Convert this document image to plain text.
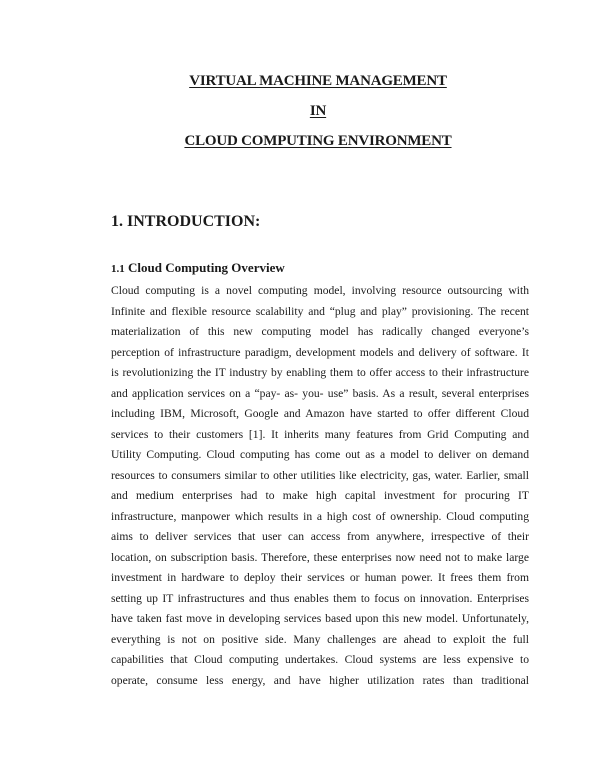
VIRTUAL MACHINE MANAGEMENT
IN
CLOUD COMPUTING ENVIRONMENT
1. INTRODUCTION:
1.1 Cloud Computing Overview
Cloud computing is a novel computing model, involving resource outsourcing with
Infinite and flexible resource scalability and “plug and play” provisioning. The recent
materialization of this new computing model has radically changed everyone’s
perception of infrastructure paradigm, development models and delivery of software. It
is revolutionizing the IT industry by enabling them to offer access to their infrastructure
and application services on a “pay- as- you- use” basis. As a result, several enterprises
including IBM, Microsoft, Google and Amazon have started to offer different Cloud
services to their customers [1]. It inherits many features from Grid Computing and
Utility Computing. Cloud computing has come out as a model to deliver on demand
resources to consumers similar to other utilities like electricity, gas, water. Earlier, small
and medium enterprises had to make high capital investment for procuring IT
infrastructure, manpower which results in a high cost of ownership. Cloud computing
aims to deliver services that user can access from anywhere, irrespective of their
location, on subscription basis. Therefore, these enterprises now need not to make large
investment in hardware to deploy their services or human power. It frees them from
setting up IT infrastructures and thus enables them to focus on innovation. Enterprises
have taken fast move in developing services based upon this new model. Unfortunately,
everything is not on positive side. Many challenges are ahead to exploit the full
capabilities that Cloud computing undertakes. Cloud systems are less expensive to
operate, consume less energy, and have higher utilization rates than traditional
